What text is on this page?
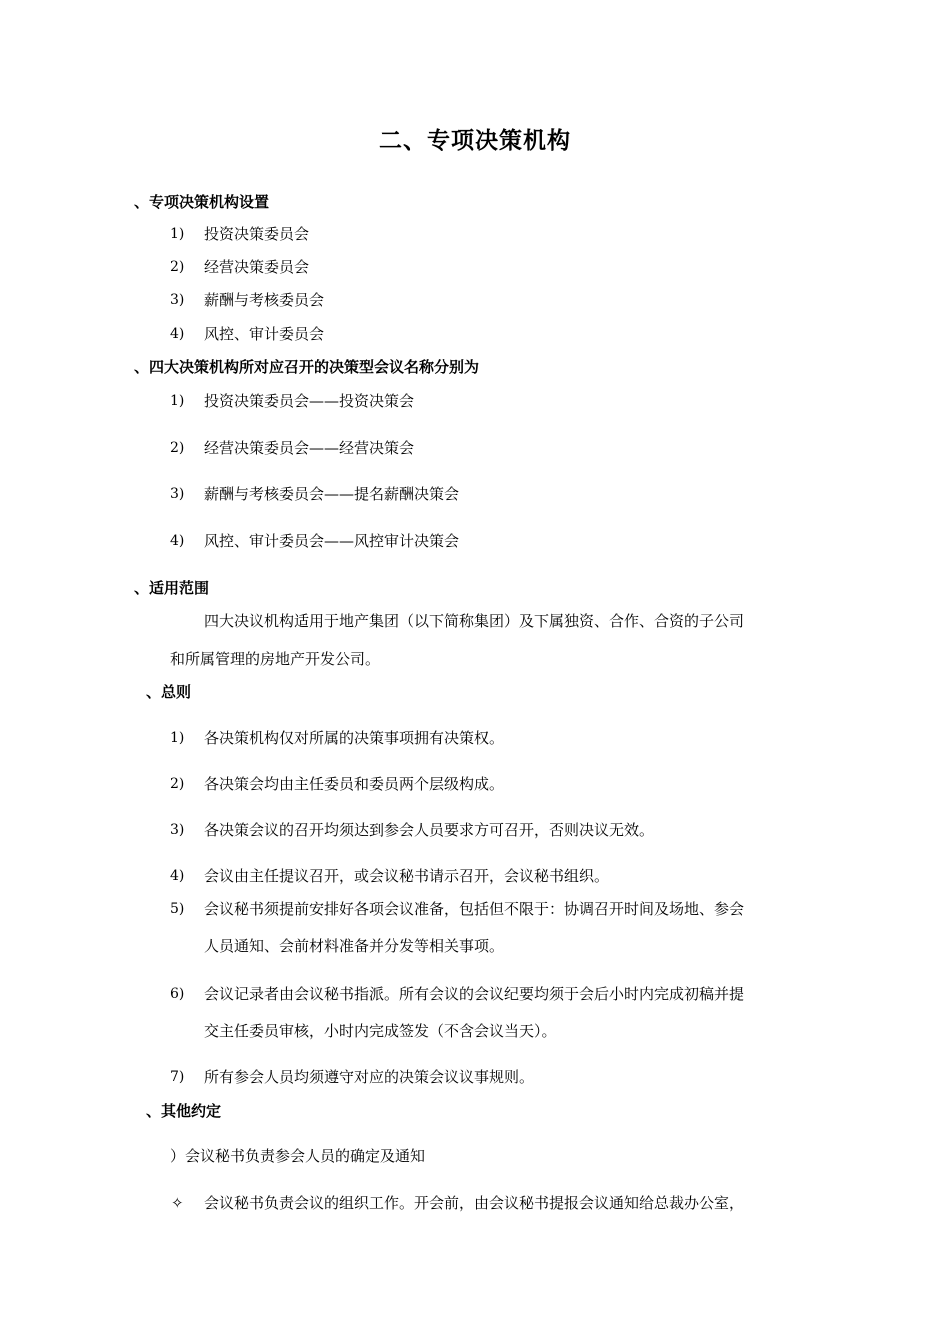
二、专项决策机构
、专项决策机构设置
1) 投资决策委员会
2) 经营决策委员会
3) 薪酬与考核委员会
4) 风控、审计委员会
、四大决策机构所对应召开的决策型会议名称分别为
1) 投资决策委员会——投资决策会
2) 经营决策委员会——经营决策会
3) 薪酬与考核委员会——提名薪酬决策会
4) 风控、审计委员会——风控审计决策会
、适用范围
四大决议机构适用于地产集团（以下简称集团）及下属独资、合作、合资的子公司
和所属管理的房地产开发公司。
、总则
1) 各决策机构仅对所属的决策事项拥有决策权。
2) 各决策会均由主任委员和委员两个层级构成。
3) 各决策会议的召开均须达到参会人员要求方可召开，否则决议无效。
4) 会议由主任提议召开，或会议秘书请示召开，会议秘书组织。
5) 会议秘书须提前安排好各项会议准备，包括但不限于：协调召开时间及场地、参会
人员通知、会前材料准备并分发等相关事项。
6) 会议记录者由会议秘书指派。所有会议的会议纪要均须于会后小时内完成初稿并提
交主任委员审核，小时内完成签发（不含会议当天）。
7) 所有参会人员均须遵守对应的决策会议议事规则。
、其他约定
）会议秘书负责参会人员的确定及通知
✧ 会议秘书负责会议的组织工作。开会前，由会议秘书提报会议通知给总裁办公室，
